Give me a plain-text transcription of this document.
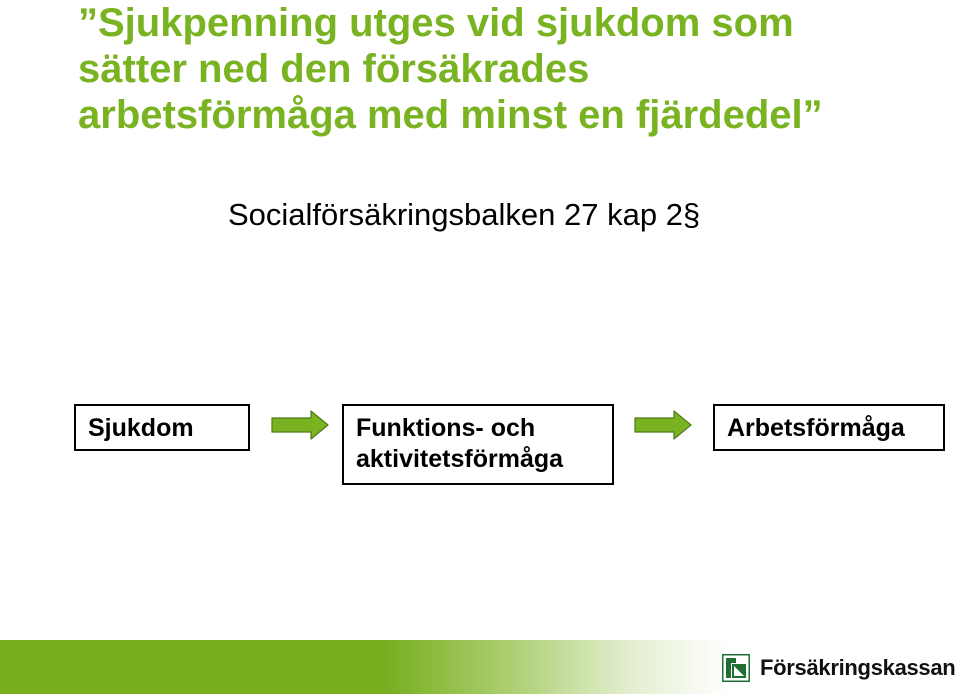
”Sjukpenning utges vid sjukdom som
sätter ned den försäkrades
arbetsförmåga med minst en fjärdedel”

Socialförsäkringsbalken 27 kap 2§

Sjukdom	Funktions- och
aktivitetsförmåga
Arbetsförmåga
Försäkringskassan
